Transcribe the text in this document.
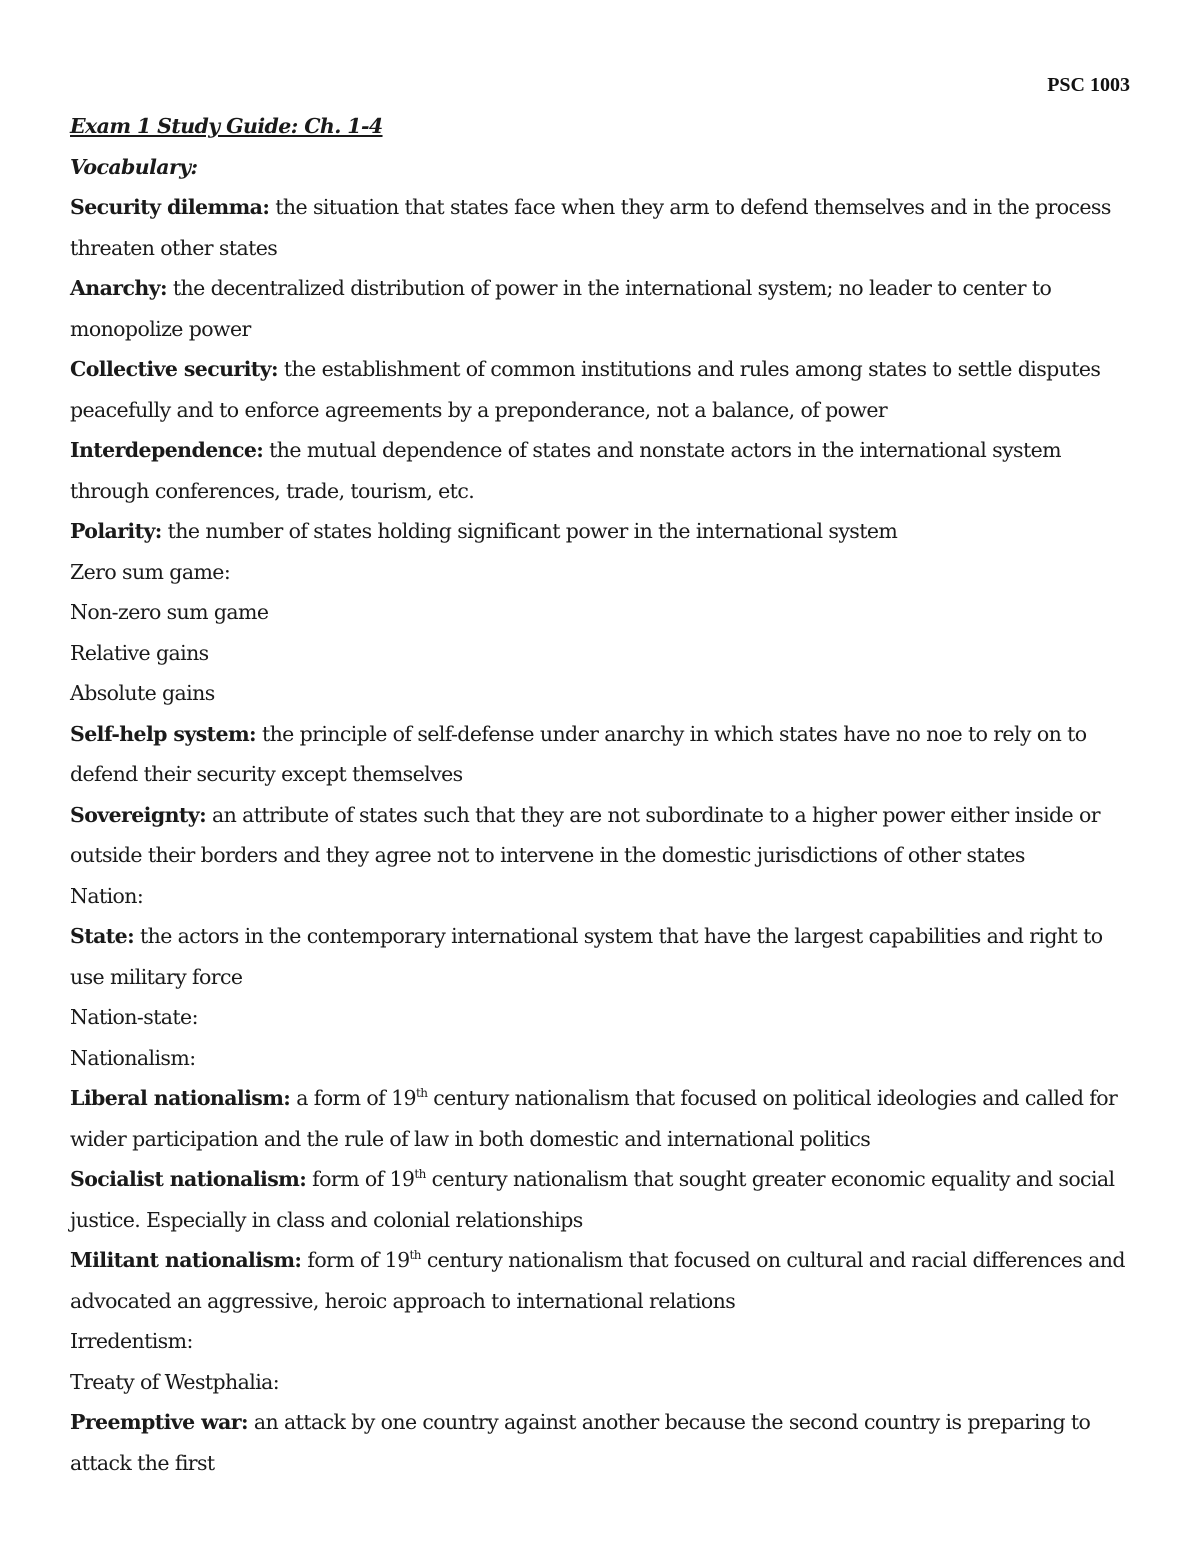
PSC 1003

Exam 1 Study Guide: Ch. 1-4

Vocabulary:

Security dilemma: the situation that states face when they arm to defend themselves and in the process threaten other states

Anarchy: the decentralized distribution of power in the international system; no leader to center to monopolize power

Collective security: the establishment of common institutions and rules among states to settle disputes peacefully and to enforce agreements by a preponderance, not a balance, of power

Interdependence: the mutual dependence of states and nonstate actors in the international system through conferences, trade, tourism, etc.

Polarity: the number of states holding significant power in the international system

Zero sum game:

Non-zero sum game

Relative gains

Absolute gains

Self-help system: the principle of self-defense under anarchy in which states have no noe to rely on to defend their security except themselves

Sovereignty: an attribute of states such that they are not subordinate to a higher power either inside or outside their borders and they agree not to intervene in the domestic jurisdictions of other states

Nation:

State: the actors in the contemporary international system that have the largest capabilities and right to use military force

Nation-state:

Nationalism:

Liberal nationalism: a form of 19th century nationalism that focused on political ideologies and called for wider participation and the rule of law in both domestic and international politics

Socialist nationalism: form of 19th century nationalism that sought greater economic equality and social justice. Especially in class and colonial relationships

Militant nationalism: form of 19th century nationalism that focused on cultural and racial differences and advocated an aggressive, heroic approach to international relations

Irredentism:

Treaty of Westphalia:

Preemptive war: an attack by one country against another because the second country is preparing to attack the first
